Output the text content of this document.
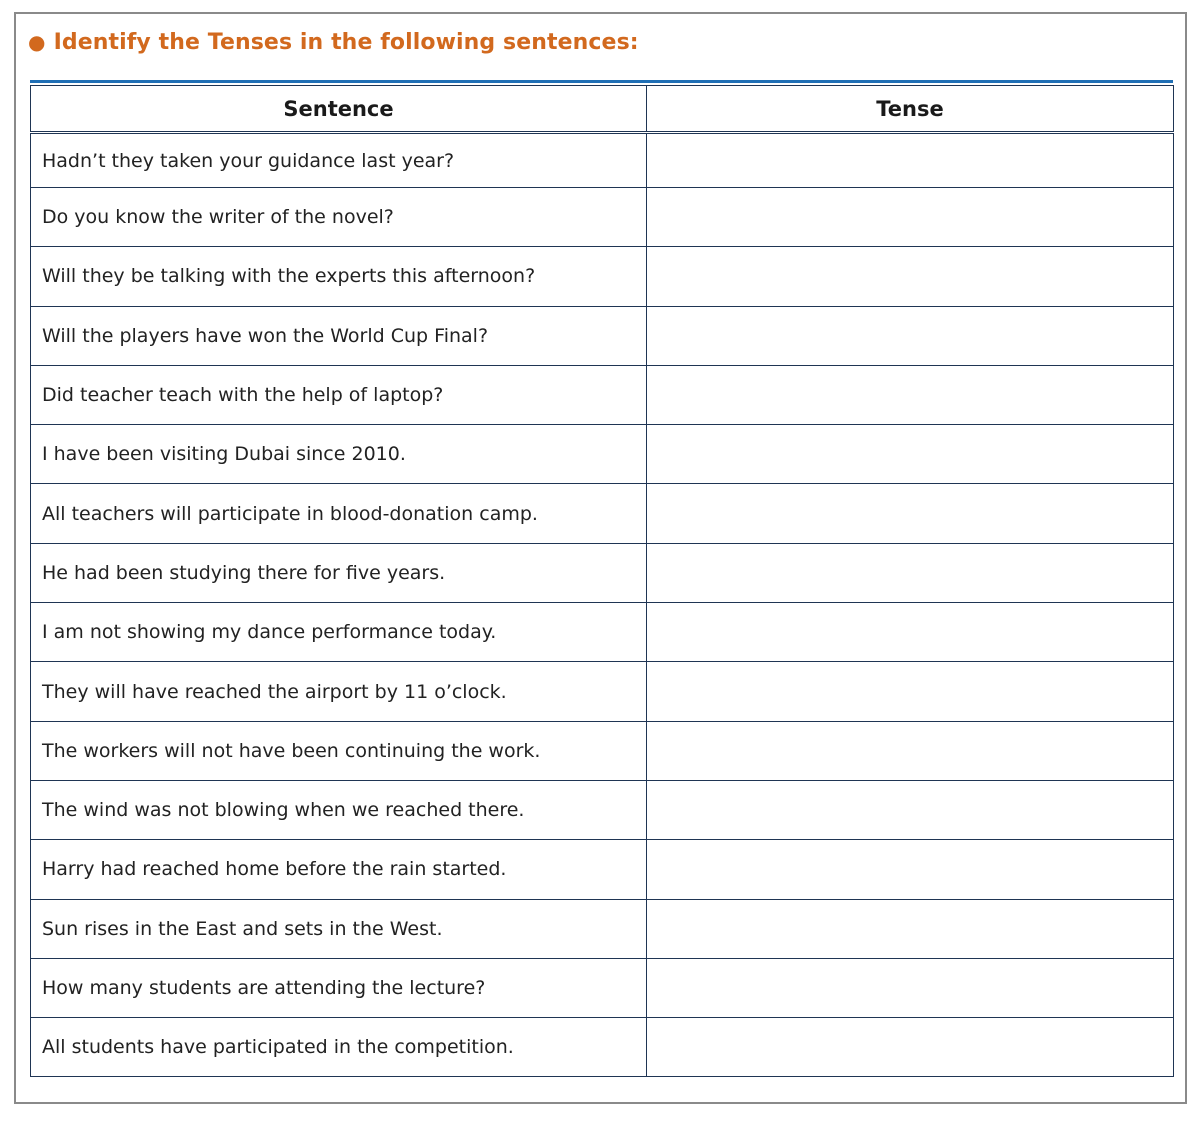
● Identify the Tenses in the following sentences:
Sentence	Tense
Hadn’t they taken your guidance last year?	
Do you know the writer of the novel?	
Will they be talking with the experts this afternoon?	
Will the players have won the World Cup Final?	
Did teacher teach with the help of laptop?	
I have been visiting Dubai since 2010.	
All teachers will participate in blood-donation camp.	
He had been studying there for five years.	
I am not showing my dance performance today.	
They will have reached the airport by 11 o’clock.	
The workers will not have been continuing the work.	
The wind was not blowing when we reached there.	
Harry had reached home before the rain started.	
Sun rises in the East and sets in the West.	
How many students are attending the lecture?	
All students have participated in the competition.	
